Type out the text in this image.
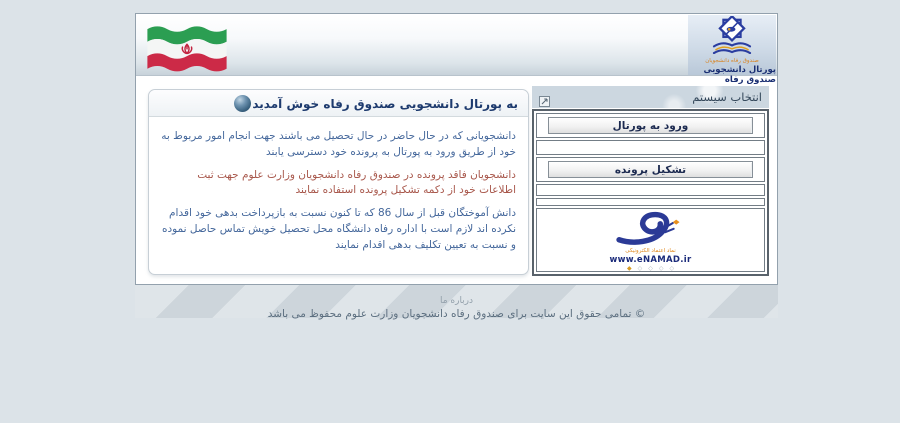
صندوق رفاه دانشجویان
پورتال دانشجویی صندوق رفاه
انتخاب سیستم
ورود به پورتال
تشکیل پرونده
نماد اعتماد الکترونیکی
www.eNAMAD.ir
◆ ◇ ◇ ◇ ◇
به پورتال دانشجویی صندوق رفاه خوش آمدید

دانشجویانی که در حال حاضر در حال تحصیل می باشند جهت انجام امور مربوط به خود از طریق ورود به پورتال به پرونده خود دسترسی یابند

دانشجویان فاقد پرونده در صندوق رفاه دانشجویان وزارت علوم جهت ثبت اطلاعات خود از دکمه تشکیل پرونده استفاده نمایند

دانش آموختگان قبل از سال 86 که تا کنون نسبت به بازپرداخت بدهی خود اقدام نکرده اند لازم است با اداره رفاه دانشگاه محل تحصیل خویش تماس حاصل نموده و نسبت به تعیین تکلیف بدهی اقدام نمایند

درباره ما
© تمامی حقوق این سایت برای صندوق رفاه دانشجویان وزارت علوم محفوظ می باشد
